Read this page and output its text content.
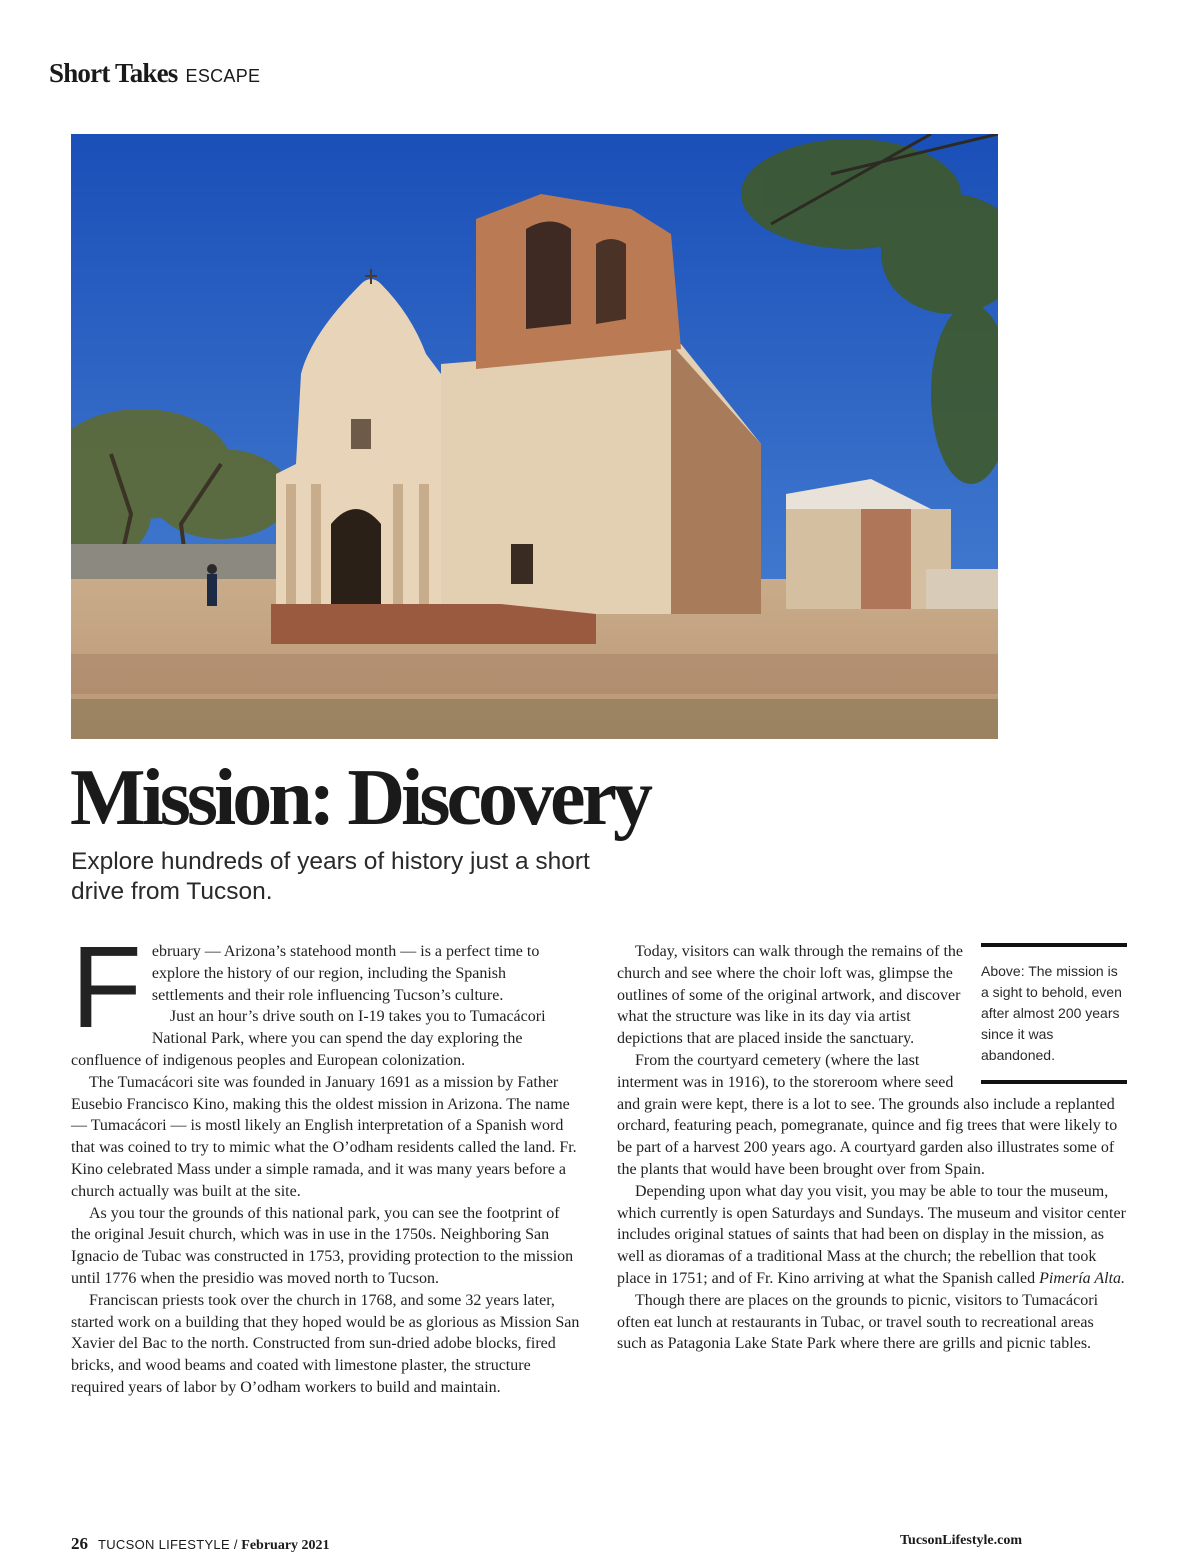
Short Takes ESCAPE
Mission: Discovery
Explore hundreds of years of history just a short drive from Tucson.

February — Arizona’s statehood month — is a perfect time to explore the history of our region, including the Spanish settlements and their role influencing Tucson’s culture.

Just an hour’s drive south on I-19 takes you to Tumacácori National Park, where you can spend the day exploring the confluence of indigenous peoples and European colonization.

The Tumacácori site was founded in January 1691 as a mission by Father Eusebio Francisco Kino, making this the oldest mission in Arizona. The name — Tumacácori — is mostl likely an English interpretation of a Spanish word that was coined to try to mimic what the O’odham residents called the land. Fr. Kino celebrated Mass under a simple ramada, and it was many years before a church actually was built at the site.

As you tour the grounds of this national park, you can see the footprint of the original Jesuit church, which was in use in the 1750s. Neighboring San Ignacio de Tubac was constructed in 1753, providing protection to the mission until 1776 when the presidio was moved north to Tucson.

Franciscan priests took over the church in 1768, and some 32 years later, started work on a building that they hoped would be as glorious as Mission San Xavier del Bac to the north. Constructed from sun-dried adobe blocks, fired bricks, and wood beams and coated with limestone plaster, the structure required years of labor by O’odham workers to build and maintain.

Above: The mission is a sight to behold, even after almost 200 years since it was abandoned.

Today, visitors can walk through the remains of the church and see where the choir loft was, glimpse the outlines of some of the original artwork, and discover what the structure was like in its day via artist depictions that are placed inside the sanctuary.

From the courtyard cemetery (where the last interment was in 1916), to the storeroom where seed and grain were kept, there is a lot to see. The grounds also include a replanted orchard, featuring peach, pomegranate, quince and fig trees that were likely to be part of a harvest 200 years ago. A courtyard garden also illustrates some of the plants that would have been brought over from Spain.

Depending upon what day you visit, you may be able to tour the museum, which currently is open Saturdays and Sundays. The museum and visitor center includes original statues of saints that had been on display in the mission, as well as dioramas of a traditional Mass at the church; the rebellion that took place in 1751; and of Fr. Kino arriving at what the Spanish called Pimería Alta.

Though there are places on the grounds to picnic, visitors to Tumacácori often eat lunch at restaurants in Tubac, or travel south to recreational areas such as Patagonia Lake State Park where there are grills and picnic tables.

26 TUCSON LIFESTYLE / February 2021	TucsonLifestyle.com
